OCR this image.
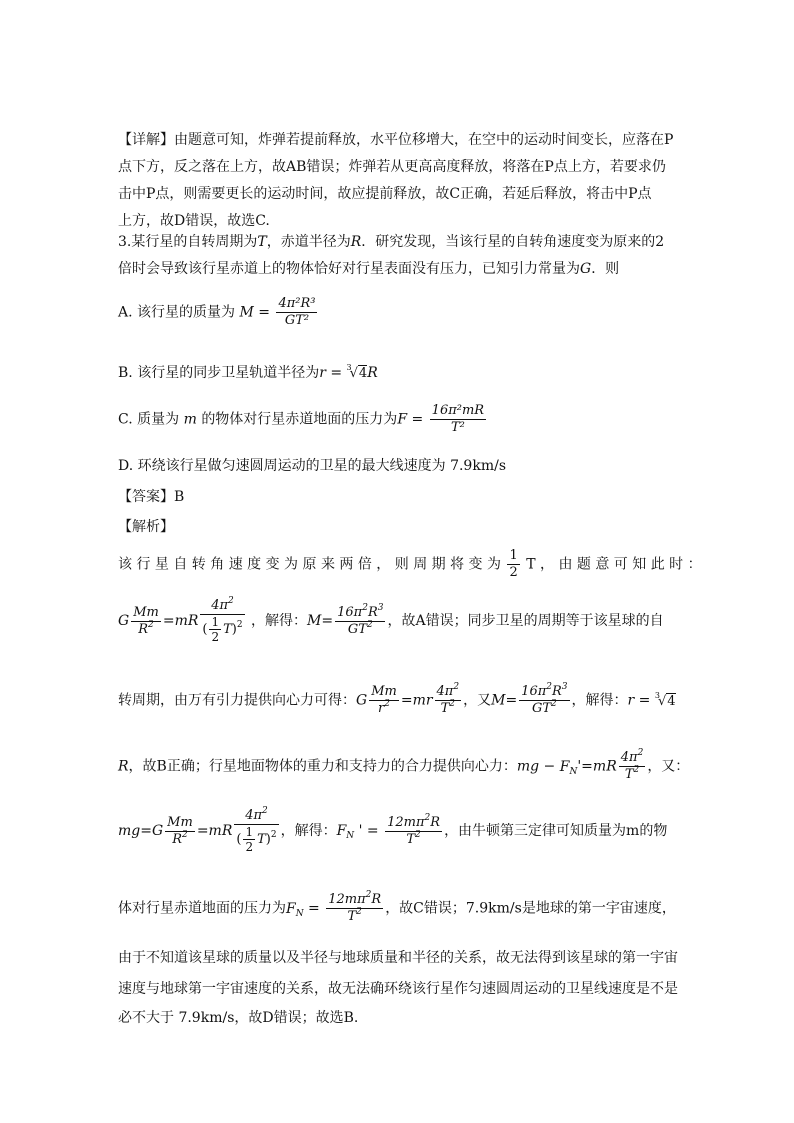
【详解】由题意可知，炸弹若提前释放，水平位移增大，在空中的运动时间变长，应落在P
点下方，反之落在上方，故AB错误；炸弹若从更高高度释放，将落在P点上方，若要求仍
击中P点，则需要更长的运动时间，故应提前释放，故C正确，若延后释放，将击中P点
上方，故D错误，故选C.
3.某行星的自转周期为T，赤道半径为R．研究发现，当该行星的自转角速度变为原来的2
倍时会导致该行星赤道上的物体恰好对行星表面没有压力，已知引力常量为G．则
A. 该行星的质量为 $M = \frac{\text{4π²R³}}{\text{GT²}}$
B. 该行星的同步卫星轨道半径为r = $^3$√4R
C. 质量为 m 的物体对行星赤道地面的压力为$F = \frac{\text{16π²mR}}{\text{T²}}$
D. 环绕该行星做匀速圆周运动的卫星的最大线速度为 7.9km/s
【答案】B
【解析】
该 行 星 自 转 角 速 度 变 为 原 来 两 倍 ， 则 周 期 将 变 为 $\frac{1}{2}$ T ， 由 题 意 可 知 此 时 ：
G $\frac{Mm}{R^2} =mR \frac{4\pi^2}{( \frac{1}{2} T)^2}$ ，解得：$M= \frac{16\pi^2R^3}{GT^2}$ ，故A错误；同步卫星的周期等于该星球的自
转周期，由万有引力提供向心力可得：G $\frac{Mm}{r^2} =mr \frac{4\pi^2}{T^2}$ ，又$M= \frac{16\pi^2R^3}{GT^2}$ ，解得：r = $^3$√4
R，故B正确；行星地面物体的重力和支持力的合力提供向心力：mg − $F_N'=mR \frac{4\pi^2}{T^2}$ ，又：
$mg=G \frac{Mm}{R^2} =mR \frac{4\pi^2}{( \frac{1}{2} T)^2}$ ，解得：$F_N$ ' = $\frac{12m\pi^2R}{T^2}$ ，由牛顿第三定律可知质量为m的物
体对行星赤道地面的压力为$F_N = \frac{12m\pi^2R}{T^2}$ ，故C错误；7.9km/s是地球的第一宇宙速度，
由于不知道该星球的质量以及半径与地球质量和半径的关系，故无法得到该星球的第一宇宙
速度与地球第一宇宙速度的关系，故无法确环绕该行星作匀速圆周运动的卫星线速度是不是
必不大于 7.9km/s，故D错误；故选B.
